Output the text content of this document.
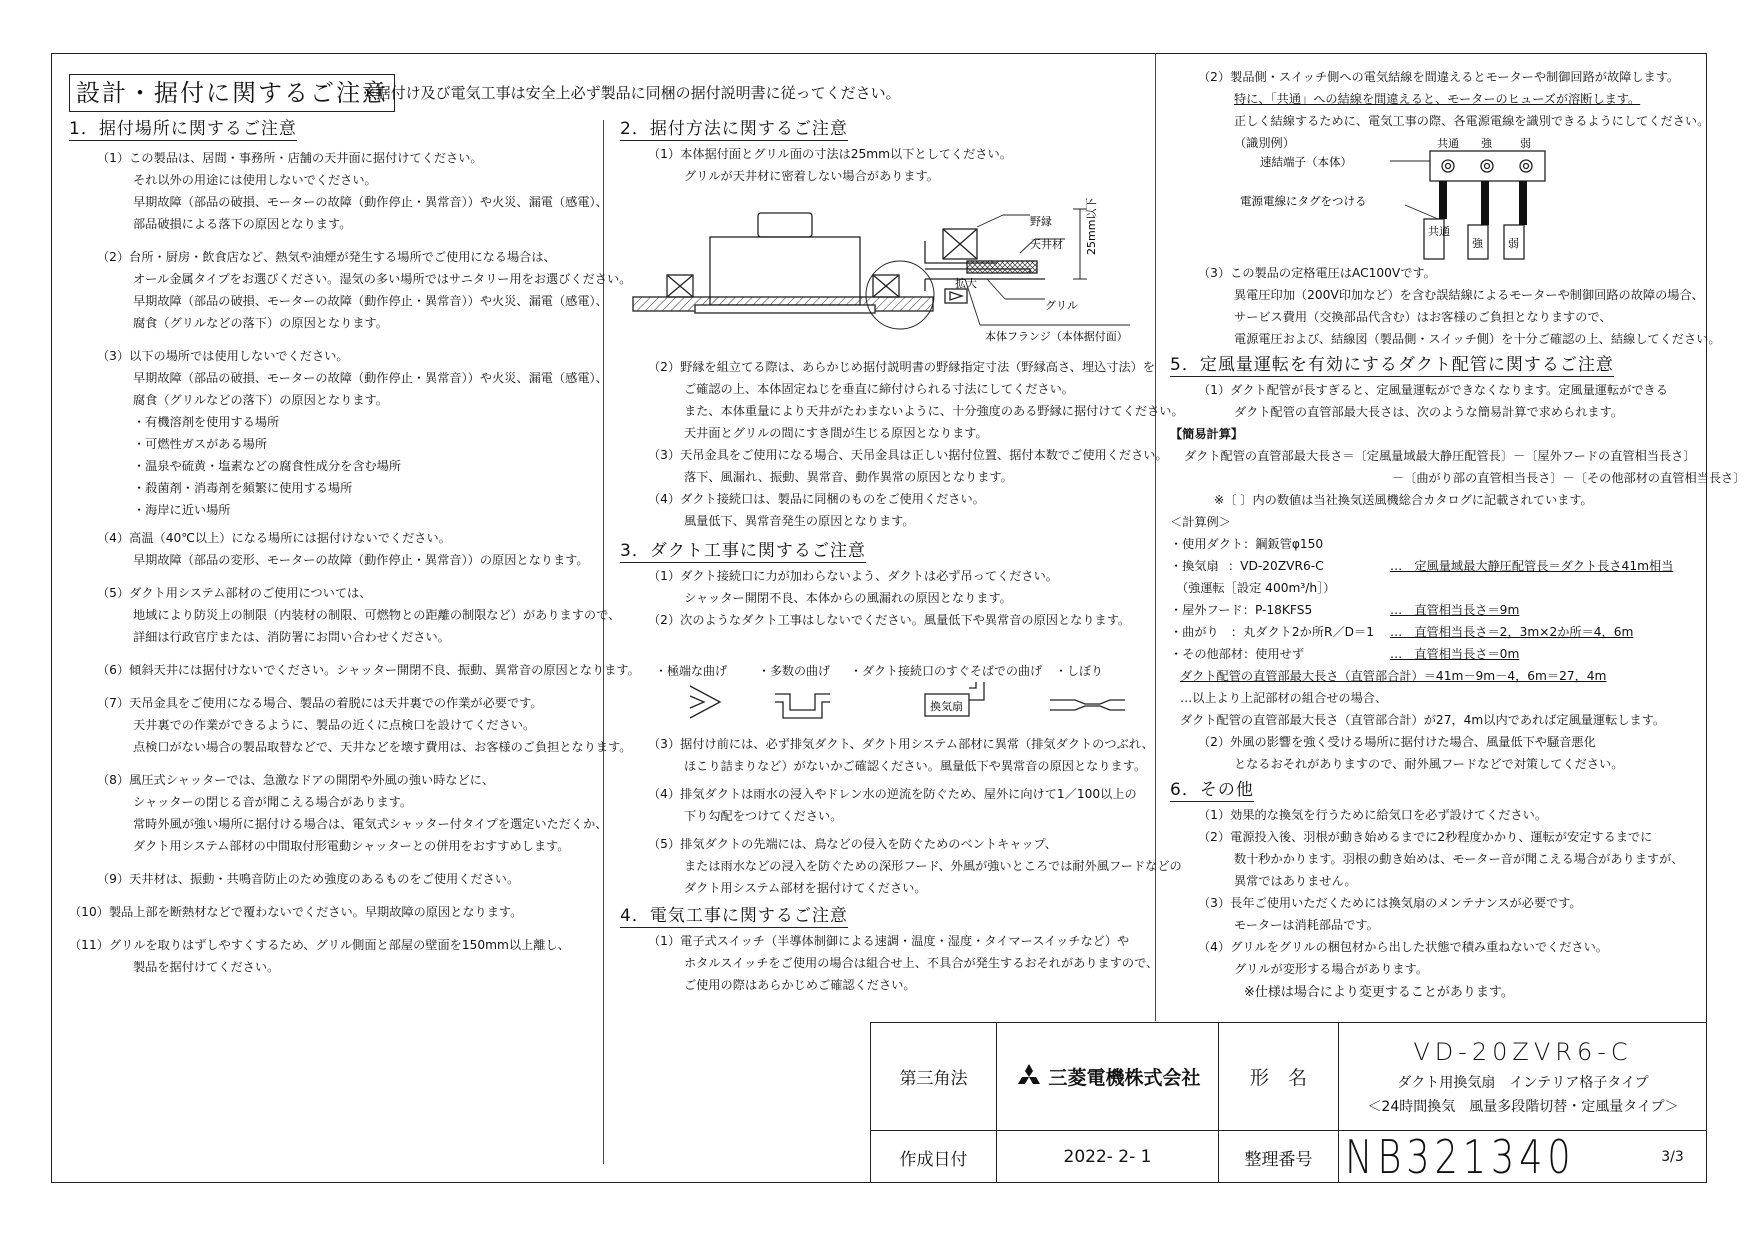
設計・据付に関するご注意
※据付け及び電気工事は安全上必ず製品に同梱の据付説明書に従ってください。

1．据付場所に関するご注意

（1）この製品は、居間・事務所・店舗の天井面に据付けてください。

それ以外の用途には使用しないでください。

早期故障（部品の破損、モーターの故障（動作停止・異常音））や火災、漏電（感電）、

部品破損による落下の原因となります。

（2）台所・厨房・飲食店など、熱気や油煙が発生する場所でご使用になる場合は、

オール金属タイプをお選びください。湿気の多い場所ではサニタリー用をお選びください。

早期故障（部品の破損、モーターの故障（動作停止・異常音））や火災、漏電（感電）、

腐食（グリルなどの落下）の原因となります。

（3）以下の場所では使用しないでください。

早期故障（部品の破損、モーターの故障（動作停止・異常音））や火災、漏電（感電）、

腐食（グリルなどの落下）の原因となります。

・有機溶剤を使用する場所

・可燃性ガスがある場所

・温泉や硫黄・塩素などの腐食性成分を含む場所

・殺菌剤・消毒剤を頻繁に使用する場所

・海岸に近い場所

（4）高温（40℃以上）になる場所には据付けないでください。

早期故障（部品の変形、モーターの故障（動作停止・異常音））の原因となります。

（5）ダクト用システム部材のご使用については、

地域により防災上の制限（内装材の制限、可燃物との距離の制限など）がありますので、

詳細は行政官庁または、消防署にお問い合わせください。

（6）傾斜天井には据付けないでください。シャッター開閉不良、振動、異常音の原因となります。

（7）天吊金具をご使用になる場合、製品の着脱には天井裏での作業が必要です。

天井裏での作業ができるように、製品の近くに点検口を設けてください。

点検口がない場合の製品取替などで、天井などを壊す費用は、お客様のご負担となります。

（8）風圧式シャッターでは、急激なドアの開閉や外風の強い時などに、

シャッターの閉じる音が聞こえる場合があります。

常時外風が強い場所に据付ける場合は、電気式シャッター付タイプを選定いただくか、

ダクト用システム部材の中間取付形電動シャッターとの併用をおすすめします。

（9）天井材は、振動・共鳴音防止のため強度のあるものをご使用ください。

（10）製品上部を断熱材などで覆わないでください。早期故障の原因となります。

（11）グリルを取りはずしやすくするため、グリル側面と部屋の壁面を150mm以上離し、

製品を据付けてください。

2．据付方法に関するご注意

（1）本体据付面とグリル面の寸法は25mm以下としてください。

グリルが天井材に密着しない場合があります。

拡大
野縁
天井材
グリル
本体フランジ（本体据付面）
25mm以下

（2）野縁を組立てる際は、あらかじめ据付説明書の野縁指定寸法（野縁高さ、埋込寸法）を

ご確認の上、本体固定ねじを垂直に締付けられる寸法にしてください。

また、本体重量により天井がたわまないように、十分強度のある野縁に据付けてください。

天井面とグリルの間にすき間が生じる原因となります。

（3）天吊金具をご使用になる場合、天吊金具は正しい据付位置、据付本数でご使用ください。

落下、風漏れ、振動、異常音、動作異常の原因となります。

（4）ダクト接続口は、製品に同梱のものをご使用ください。

風量低下、異常音発生の原因となります。

3．ダクト工事に関するご注意

（1）ダクト接続口に力が加わらないよう、ダクトは必ず吊ってください。

シャッター開閉不良、本体からの風漏れの原因となります。

（2）次のようなダクト工事はしないでください。風量低下や異常音の原因となります。

・極端な曲げ	・多数の曲げ ・ダクト接続口のすぐそばでの曲げ ・しぼり
換気扇

（3）据付け前には、必ず排気ダクト、ダクト用システム部材に異常（排気ダクトのつぶれ、

ほこり詰まりなど）がないかご確認ください。風量低下や異常音の原因となります。

（4）排気ダクトは雨水の浸入やドレン水の逆流を防ぐため、屋外に向けて1／100以上の

下り勾配をつけてください。

（5）排気ダクトの先端には、鳥などの侵入を防ぐためのベントキャップ、

または雨水などの浸入を防ぐための深形フード、外風が強いところでは耐外風フードなどの

ダクト用システム部材を据付けてください。

4．電気工事に関するご注意

（1）電子式スイッチ（半導体制御による速調・温度・湿度・タイマースイッチなど）や

ホタルスイッチをご使用の場合は組合せ上、不具合が発生するおそれがありますので、

ご使用の際はあらかじめご確認ください。

（2）製品側・スイッチ側への電気結線を間違えるとモーターや制御回路が故障します。

特に、「共通」への結線を間違えると、モーターのヒューズが溶断します。

正しく結線するために、電気工事の際、各電源電線を識別できるようにしてください。

（識別例）

速結端子（本体）
共通 強	弱
電源電線にタグをつける
共通
強 弱

（3）この製品の定格電圧はAC100Vです。

異電圧印加（200V印加など）を含む誤結線によるモーターや制御回路の故障の場合、

サービス費用（交換部品代含む）はお客様のご負担となりますので、

電源電圧および、結線図（製品側・スイッチ側）を十分ご確認の上、結線してください。

5．定風量運転を有効にするダクト配管に関するご注意

（1）ダクト配管が長すぎると、定風量運転ができなくなります。定風量運転ができる

ダクト配管の直管部最大長さは、次のような簡易計算で求められます。

【簡易計算】

ダクト配管の直管部最大長さ＝〔定風量域最大静圧配管長〕－〔屋外フードの直管相当長さ〕

－〔曲がり部の直管相当長さ〕－〔その他部材の直管相当長さ〕

※〔 〕内の数値は当社換気送風機総合カタログに記載されています。

＜計算例＞

・使用ダクト：鋼鈑管φ150

・換気扇 ：VD-20ZVR6-C	…　定風量域最大静圧配管長＝ダクト長さ41m相当

（強運転［設定 400m³/h］）

・屋外フード：P-18KFS5	…　直管相当長さ＝9m

・曲がり　：丸ダクト2か所R／D＝1 …　直管相当長さ＝2，3m×2か所＝4，6m

・その他部材：使用せず	…　直管相当長さ＝0m

ダクト配管の直管部最大長さ（直管部合計）＝41m－9m－4，6m＝27，4m

…以上より上記部材の組合せの場合、

ダクト配管の直管部最大長さ（直管部合計）が27，4m以内であれば定風量運転します。

（2）外風の影響を強く受ける場所に据付けた場合、風量低下や騒音悪化

となるおそれがありますので、耐外風フードなどで対策してください。

6．その他

（1）効果的な換気を行うために給気口を必ず設けてください。

（2）電源投入後、羽根が動き始めるまでに2秒程度かかり、運転が安定するまでに

数十秒かかります。羽根の動き始めは、モーター音が聞こえる場合がありますが、

異常ではありません。

（3）長年ご使用いただくためには換気扇のメンテナンスが必要です。

モーターは消耗部品です。

（4）グリルをグリルの梱包材から出した状態で積み重ねないでください。

グリルが変形する場合があります。

※仕様は場合により変更することがあります。

第三角法	三菱電機株式会社	形　名
VD-20ZVR6-C
ダクト用換気扇　インテリア格子タイプ
＜24時間換気　風量多段階切替・定風量タイプ＞
作成日付	2022- 2- 1	整理番号 NB321340	3/3
